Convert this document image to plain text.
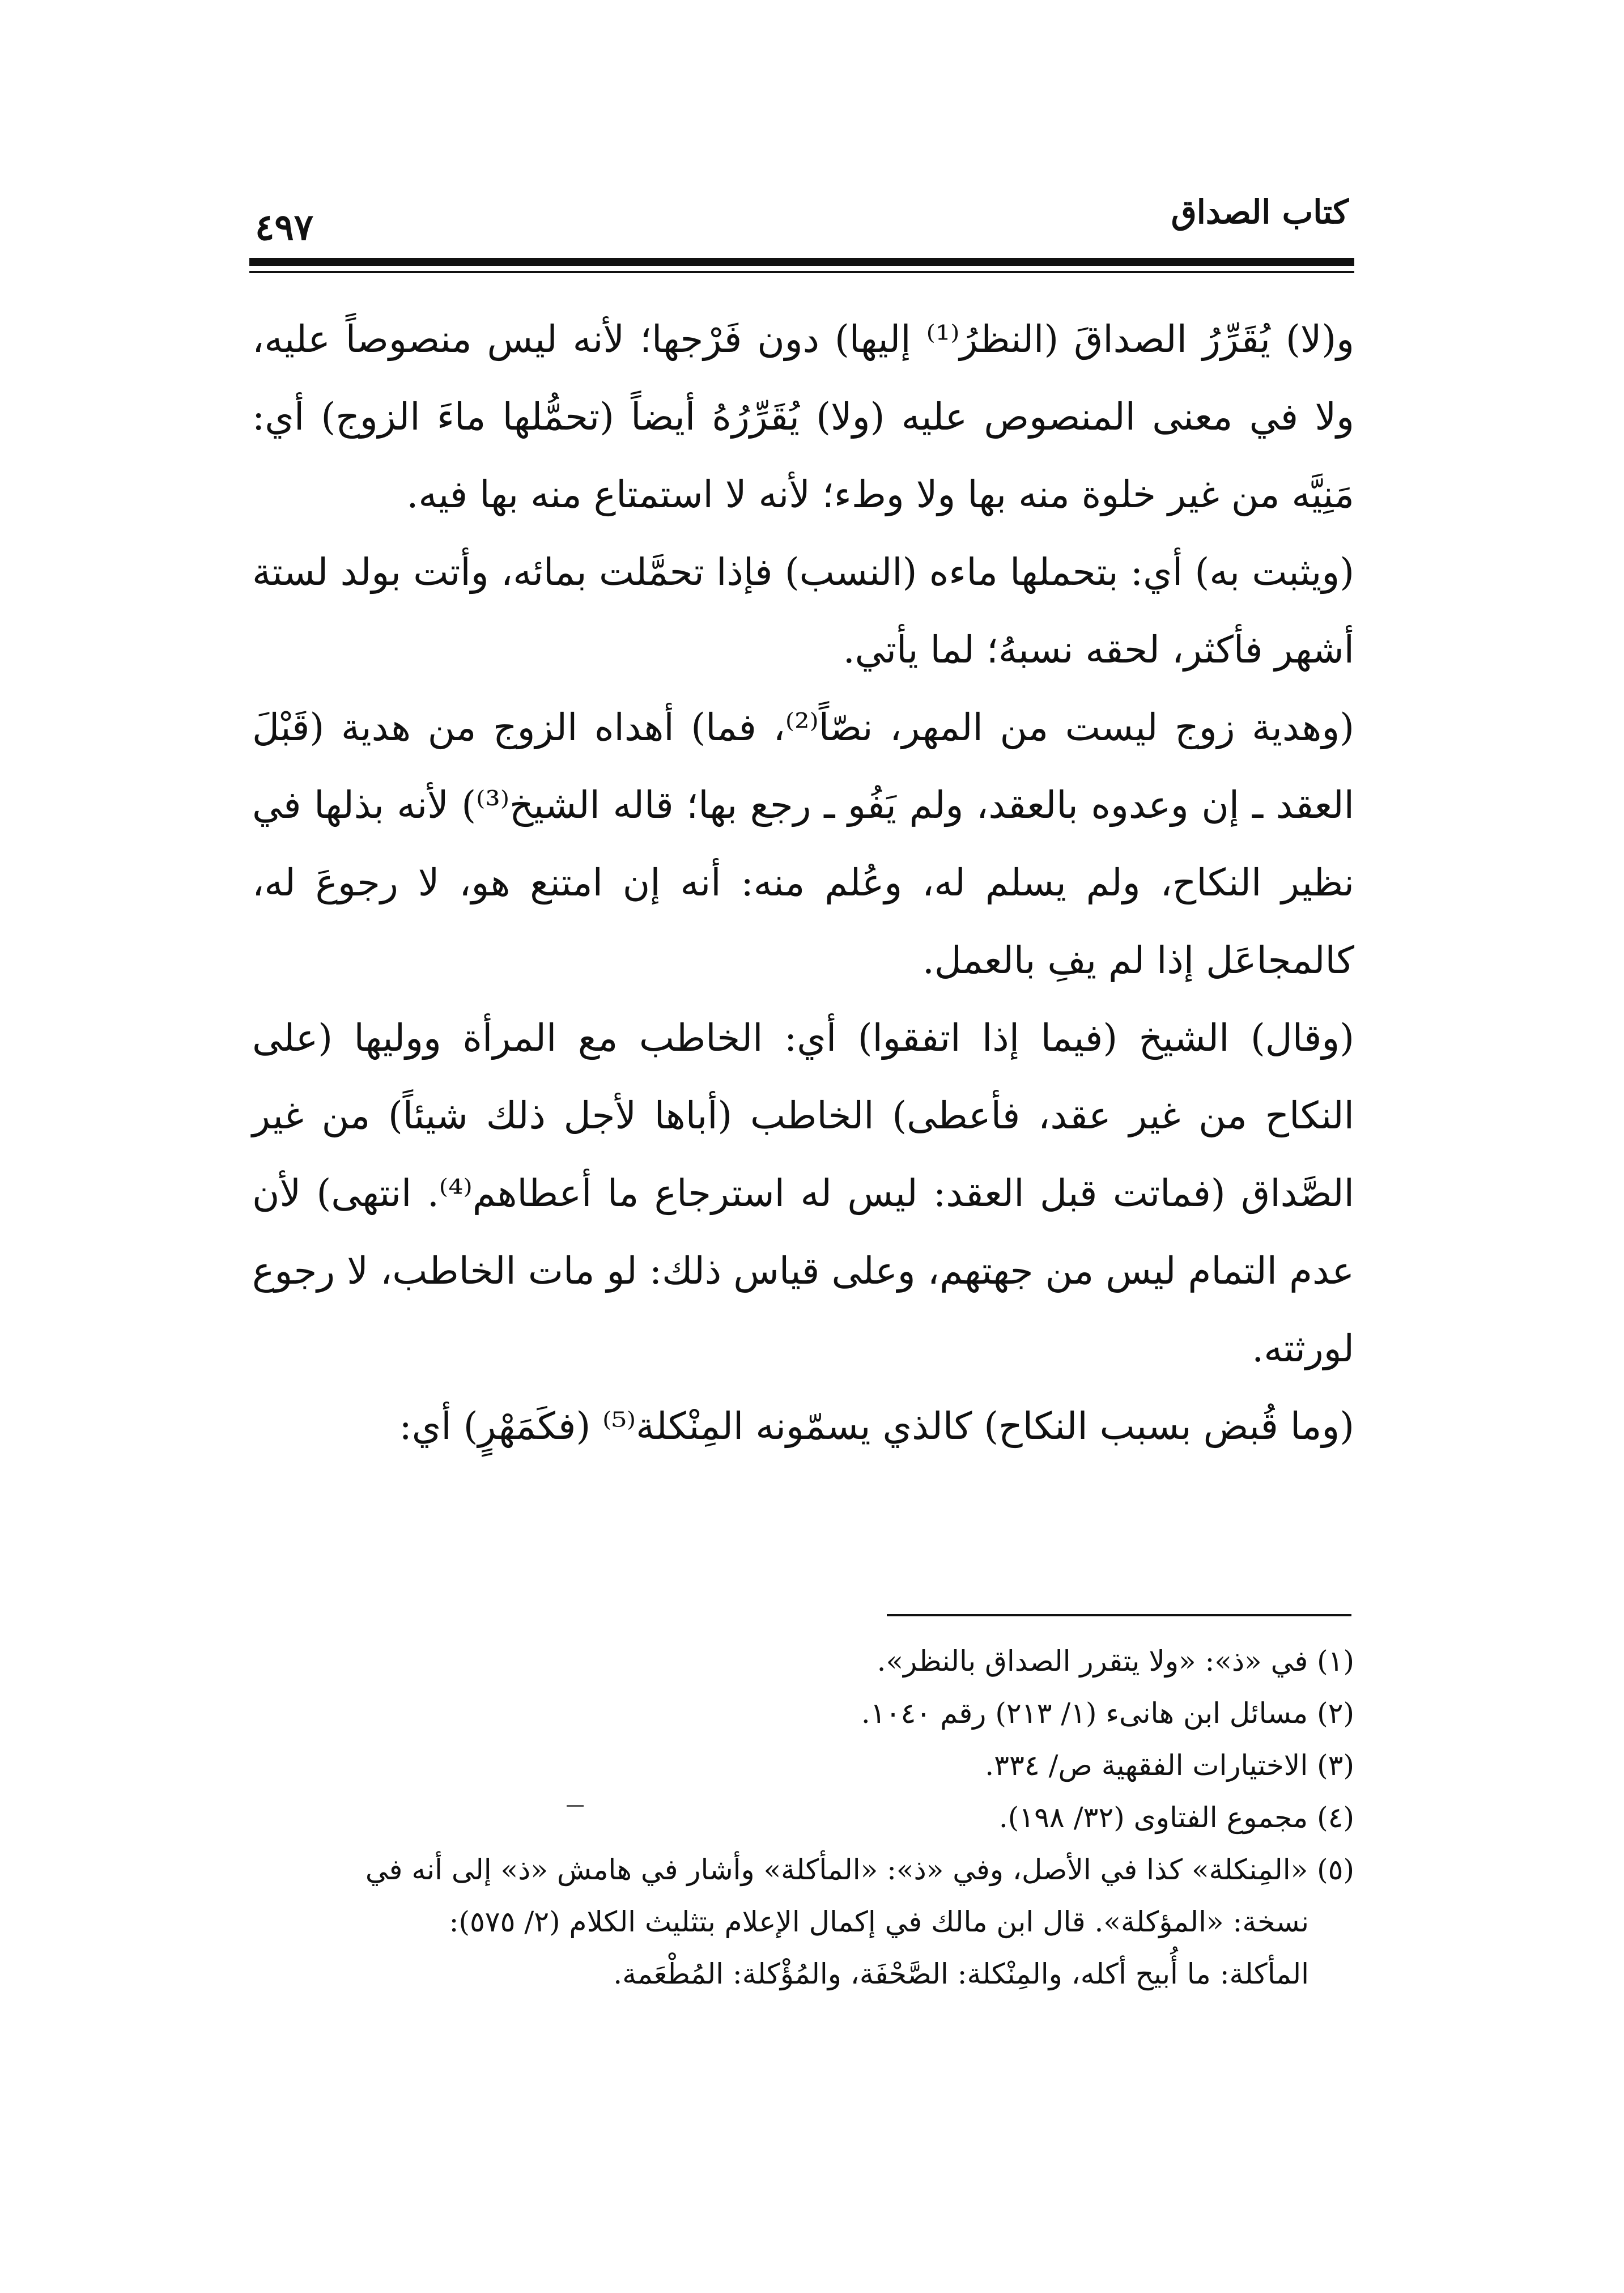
٤٩٧	كتاب الصداق

و(لا) يُقَرِّرُ الصداقَ (النظرُ⁽¹⁾ إليها) دون فَرْجها؛ لأنه ليس منصوصاً عليه، ولا في معنى المنصوص عليه (ولا) يُقَرِّرُهُ أيضاً (تحمُّلها ماءَ الزوج) أي: مَنِيَّه من غير خلوة منه بها ولا وطء؛ لأنه لا استمتاع منه بها فيه.

(ويثبت به) أي: بتحملها ماءه (النسب) فإذا تحمَّلت بمائه، وأتت بولد لستة أشهر فأكثر، لحقه نسبهُ؛ لما يأتي.

(وهدية زوج ليست من المهر، نصّاً⁽²⁾، فما) أهداه الزوج من هدية (قَبْلَ العقد ـ إن وعدوه بالعقد، ولم يَفُو ـ رجع بها؛ قاله الشيخ⁽³⁾) لأنه بذلها في نظير النكاح، ولم يسلم له، وعُلم منه: أنه إن امتنع هو، لا رجوعَ له، كالمجاعَل إذا لم يفِ بالعمل.

(وقال) الشيخ (فيما إذا اتفقوا) أي: الخاطب مع المرأة ووليها (على النكاح من غير عقد، فأعطى) الخاطب (أباها لأجل ذلك شيئاً) من غير الصَّداق (فماتت قبل العقد: ليس له استرجاع ما أعطاهم⁽⁴⁾. انتهى) لأن عدم التمام ليس من جهتهم، وعلى قياس ذلك: لو مات الخاطب، لا رجوع لورثته.

(وما قُبض بسبب النكاح) كالذي يسمّونه المِنْكلة⁽⁵⁾ (فكَمَهْرٍ) أي:

(١) في «ذ»: «ولا يتقرر الصداق بالنظر».

(٢) مسائل ابن هانىء (١/ ٢١٣) رقم ١٠٤٠.

(٣) الاختيارات الفقهية ص/ ٣٣٤.

(٤) مجموع الفتاوى (٣٢/ ١٩٨).

(٥) «المِنكلة» كذا في الأصل، وفي «ذ»: «المأكلة» وأشار في هامش «ذ» إلى أنه في

نسخة: «المؤكلة». قال ابن مالك في إكمال الإعلام بتثليث الكلام (٢/ ٥٧٥):

المأكلة: ما أُبيح أكله، والمِنْكلة: الصَّحْفَة، والمُؤْكلة: المُطْعَمة.
